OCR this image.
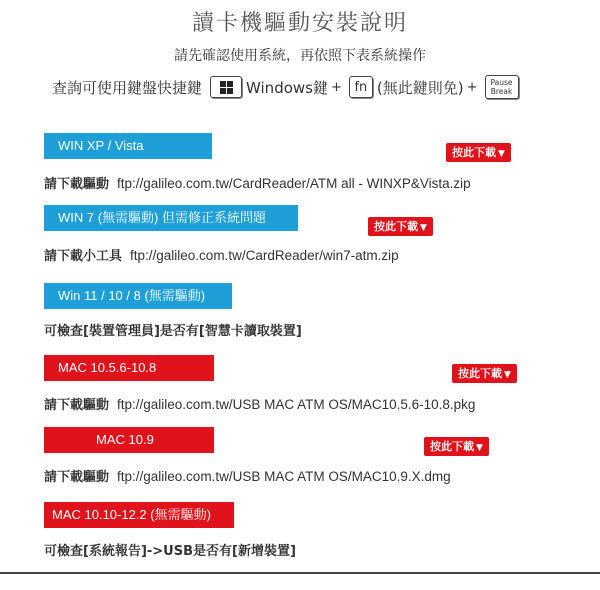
讀卡機驅動安裝說明
請先確認使用系統，再依照下表系統操作
查詢可使用鍵盤快捷鍵	Windows鍵 + fn (無此鍵則免) + Pause
Break
WIN XP / Vista	按此下載 ▼
請下載驅動 ftp://galileo.com.tw/CardReader/ATM all - WINXP&Vista.zip
WIN 7 (無需驅動) 但需修正系統問題
按此下載 ▼
請下載小工具 ftp://galileo.com.tw/CardReader/win7-atm.zip
Win 11 / 10 / 8 (無需驅動)
可檢查[裝置管理員]是否有[智慧卡讀取裝置]
MAC 10.5.6-10.8	按此下載 ▼
請下載驅動 ftp://galileo.com.tw/USB MAC ATM OS/MAC10.5.6-10.8.pkg
MAC 10.9	按此下載 ▼
請下載驅動 ftp://galileo.com.tw/USB MAC ATM OS/MAC10.9.X.dmg
MAC 10.10-12.2 (無需驅動)
可檢查[系統報告]->USB是否有[新增裝置]
